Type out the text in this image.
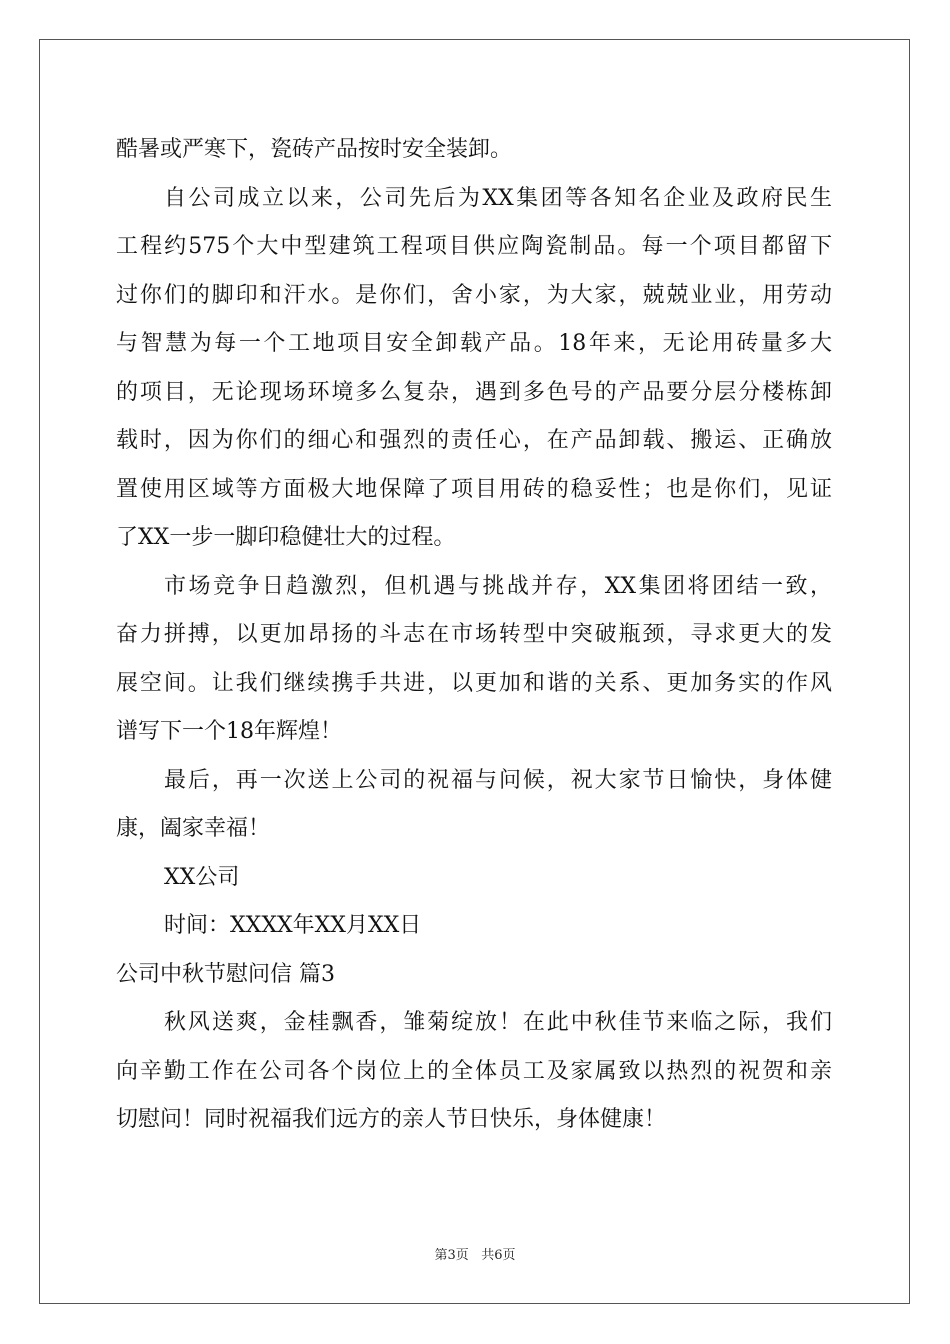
酷暑或严寒下，瓷砖产品按时安全装卸。
自公司成立以来，公司先后为XX集团等各知名企业及政府民生
工程约575个大中型建筑工程项目供应陶瓷制品。每一个项目都留下
过你们的脚印和汗水。是你们，舍小家，为大家，兢兢业业，用劳动
与智慧为每一个工地项目安全卸载产品。18年来，无论用砖量多大
的项目，无论现场环境多么复杂，遇到多色号的产品要分层分楼栋卸
载时，因为你们的细心和强烈的责任心，在产品卸载、搬运、正确放
置使用区域等方面极大地保障了项目用砖的稳妥性；也是你们，见证
了XX一步一脚印稳健壮大的过程。
市场竞争日趋激烈，但机遇与挑战并存，XX集团将团结一致，
奋力拼搏，以更加昂扬的斗志在市场转型中突破瓶颈，寻求更大的发
展空间。让我们继续携手共进，以更加和谐的关系、更加务实的作风
谱写下一个18年辉煌！
最后，再一次送上公司的祝福与问候，祝大家节日愉快，身体健
康，阖家幸福！
XX公司
时间：XXXX年XX月XX日
公司中秋节慰问信 篇3
秋风送爽，金桂飘香，雏菊绽放！在此中秋佳节来临之际，我们
向辛勤工作在公司各个岗位上的全体员工及家属致以热烈的祝贺和亲
切慰问！同时祝福我们远方的亲人节日快乐，身体健康！
第3页 共6页
